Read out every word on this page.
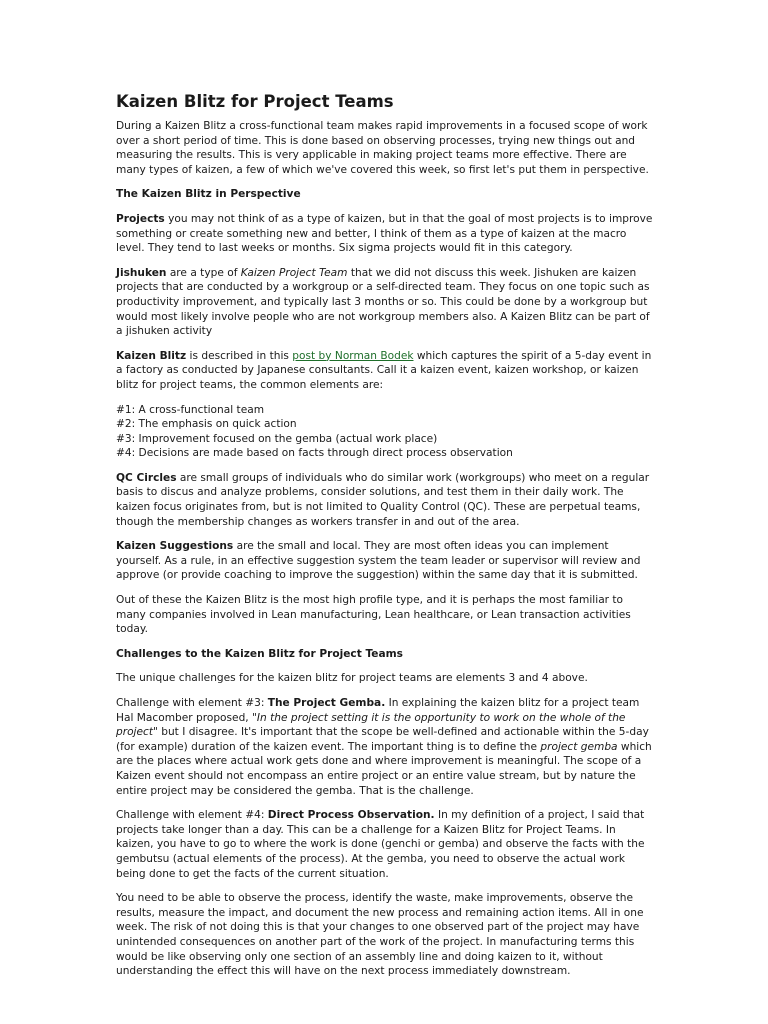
Kaizen Blitz for Project Teams

During a Kaizen Blitz a cross-functional team makes rapid improvements in a focused scope of work over a short period of time. This is done based on observing processes, trying new things out and measuring the results. This is very applicable in making project teams more effective. There are many types of kaizen, a few of which we've covered this week, so first let's put them in perspective.

The Kaizen Blitz in Perspective

Projects you may not think of as a type of kaizen, but in that the goal of most projects is to improve something or create something new and better, I think of them as a type of kaizen at the macro level. They tend to last weeks or months. Six sigma projects would fit in this category.

Jishuken are a type of Kaizen Project Team that we did not discuss this week. Jishuken are kaizen projects that are conducted by a workgroup or a self-directed team. They focus on one topic such as productivity improvement, and typically last 3 months or so. This could be done by a workgroup but would most likely involve people who are not workgroup members also. A Kaizen Blitz can be part of a jishuken activity

Kaizen Blitz is described in this post by Norman Bodek which captures the spirit of a 5-day event in a factory as conducted by Japanese consultants. Call it a kaizen event, kaizen workshop, or kaizen blitz for project teams, the common elements are:

#1: A cross-functional team
#2: The emphasis on quick action
#3: Improvement focused on the gemba (actual work place)
#4: Decisions are made based on facts through direct process observation

QC Circles are small groups of individuals who do similar work (workgroups) who meet on a regular basis to discus and analyze problems, consider solutions, and test them in their daily work. The kaizen focus originates from, but is not limited to Quality Control (QC). These are perpetual teams, though the membership changes as workers transfer in and out of the area.

Kaizen Suggestions are the small and local. They are most often ideas you can implement yourself. As a rule, in an effective suggestion system the team leader or supervisor will review and approve (or provide coaching to improve the suggestion) within the same day that it is submitted.

Out of these the Kaizen Blitz is the most high profile type, and it is perhaps the most familiar to many companies involved in Lean manufacturing, Lean healthcare, or Lean transaction activities today.

Challenges to the Kaizen Blitz for Project Teams

The unique challenges for the kaizen blitz for project teams are elements 3 and 4 above.

Challenge with element #3: The Project Gemba. In explaining the kaizen blitz for a project team Hal Macomber proposed, "In the project setting it is the opportunity to work on the whole of the project" but I disagree. It's important that the scope be well-defined and actionable within the 5-day (for example) duration of the kaizen event. The important thing is to define the project gemba which are the places where actual work gets done and where improvement is meaningful. The scope of a Kaizen event should not encompass an entire project or an entire value stream, but by nature the entire project may be considered the gemba. That is the challenge.

Challenge with element #4: Direct Process Observation. In my definition of a project, I said that projects take longer than a day. This can be a challenge for a Kaizen Blitz for Project Teams. In kaizen, you have to go to where the work is done (genchi or gemba) and observe the facts with the gembutsu (actual elements of the process). At the gemba, you need to observe the actual work being done to get the facts of the current situation.

You need to be able to observe the process, identify the waste, make improvements, observe the results, measure the impact, and document the new process and remaining action items. All in one week. The risk of not doing this is that your changes to one observed part of the project may have unintended consequences on another part of the work of the project. In manufacturing terms this would be like observing only one section of an assembly line and doing kaizen to it, without understanding the effect this will have on the next process immediately downstream.
